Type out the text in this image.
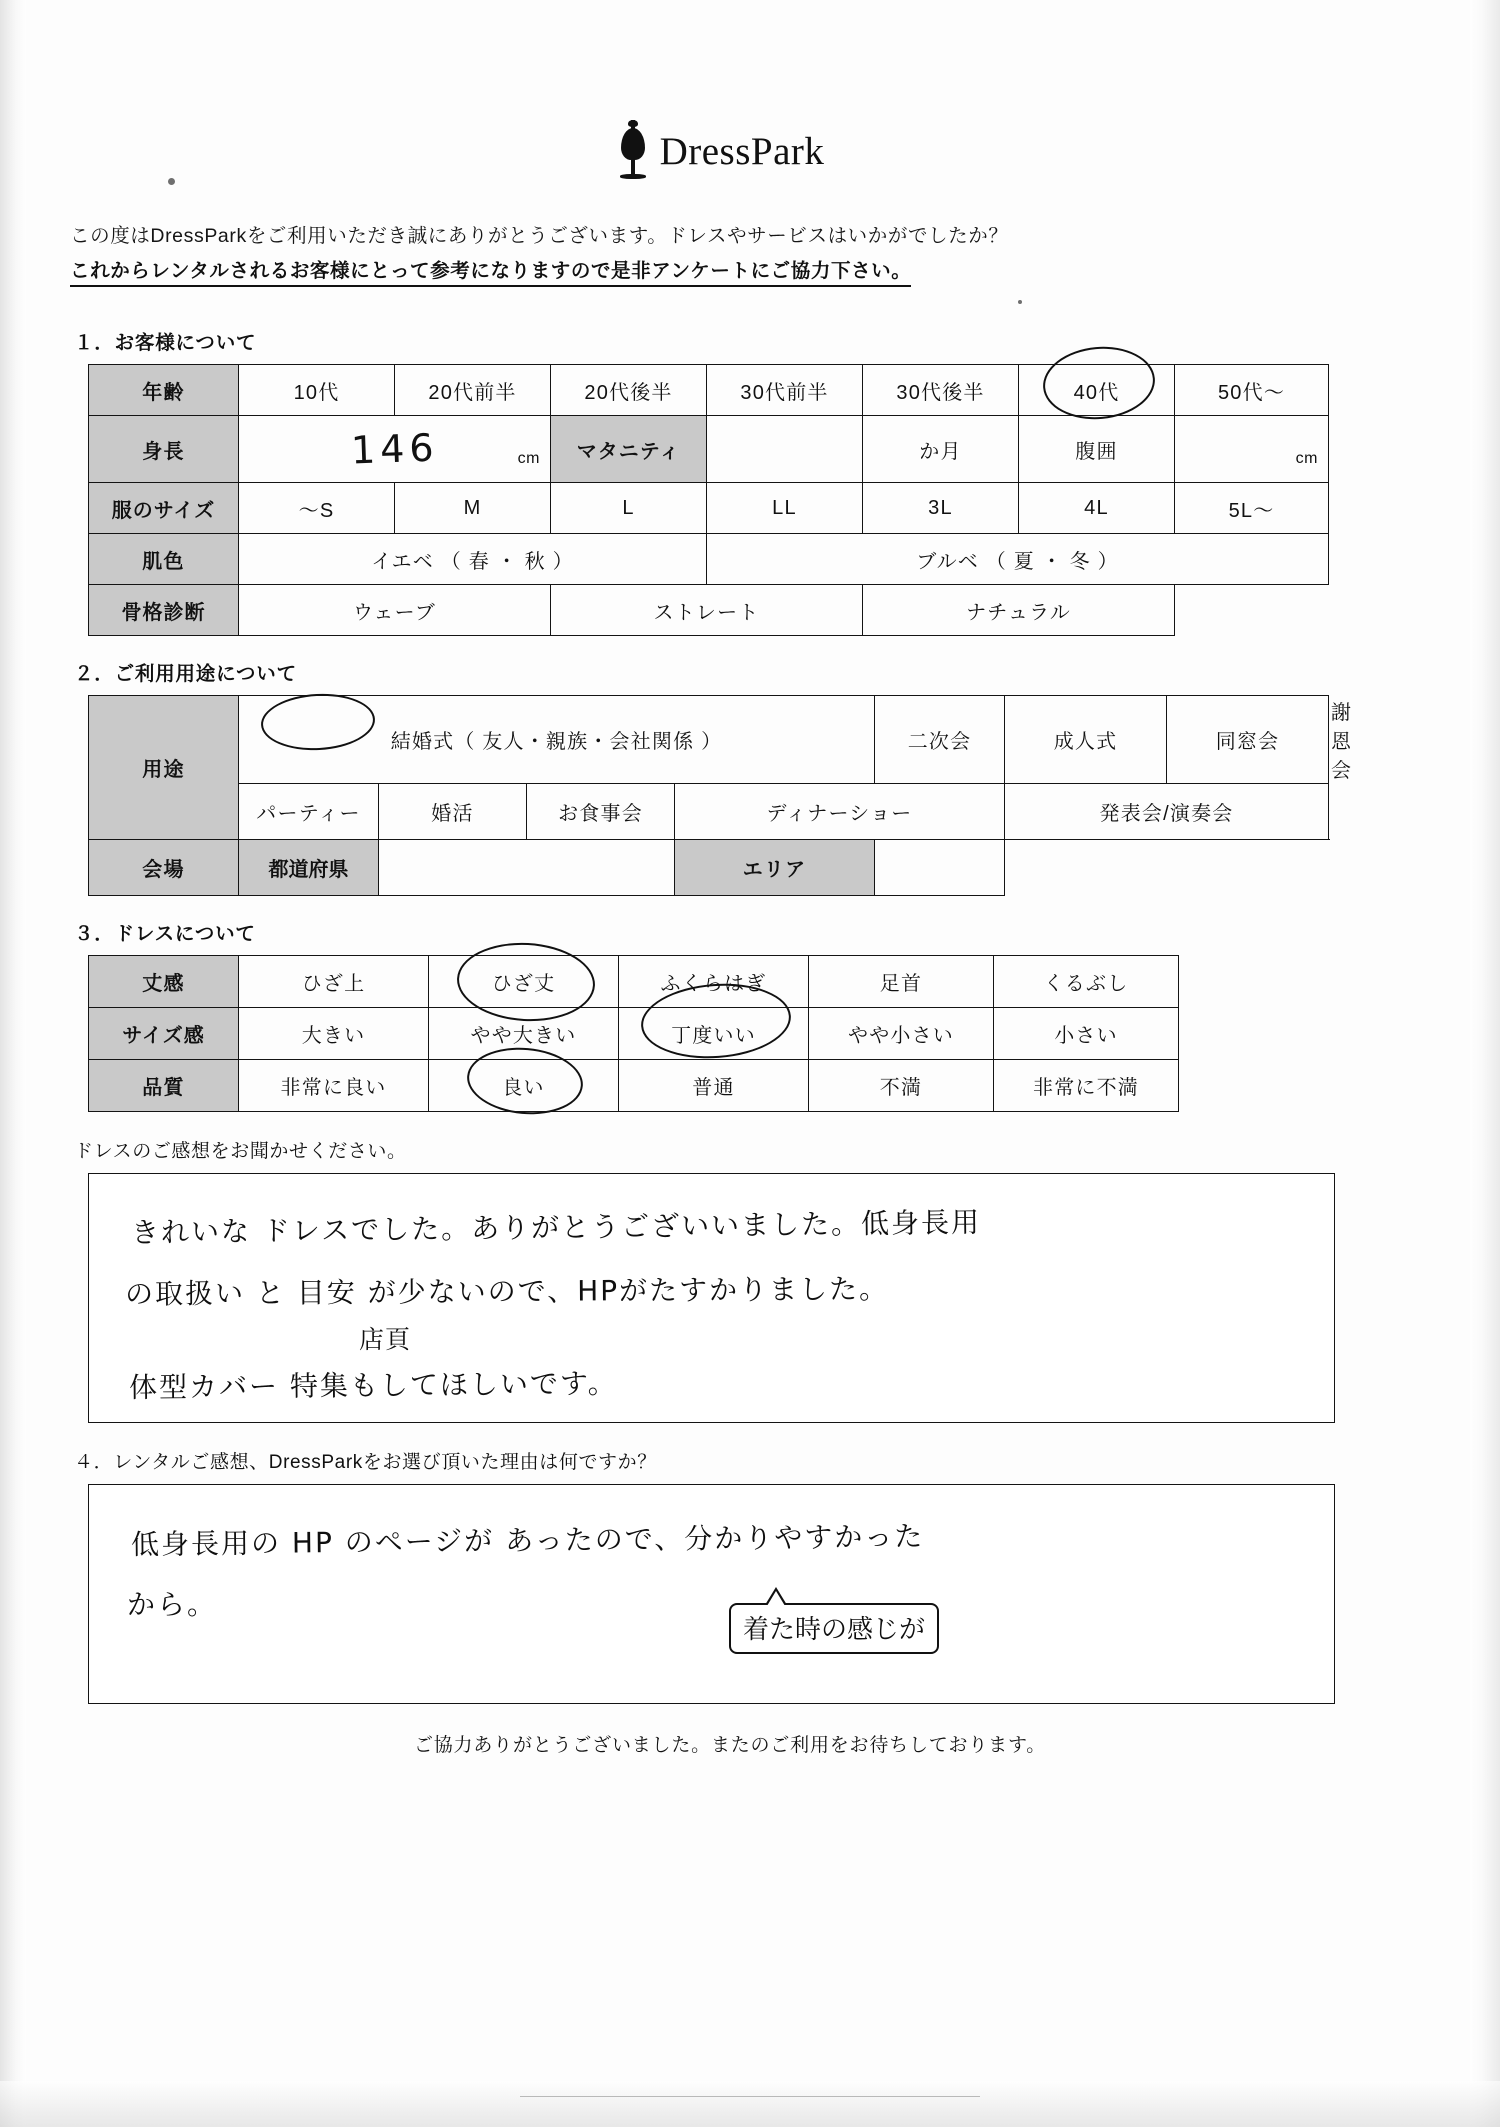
DressPark
この度はDressParkをご利用いただき誠にありがとうございます。ドレスやサービスはいかがでしたか？
これからレンタルされるお客様にとって参考になりますので是非アンケートにご協力下さい。
１．お客様について
年齢	10代	20代前半	20代後半	30代前半	30代後半	40代	50代〜
身長	146 cm		マタニティ		か月	腹囲	cm

服のサイズ	〜S	M	L	LL	3L	4L	5L〜
肌色	イエベ （ 春 ・ 秋 ）			ブルベ （ 夏 ・ 冬 ）			
骨格診断	ウェーブ		ストレート		ナチュラル		
２．ご利用用途について
用途	結婚式（ 友人・親族・会社関係 ）				二次会	成人式	同窓会	謝恩会
	パーティー	婚活	お食事会	ディナーショー		発表会/演奏会		
会場	都道府県			エリア				
３．ドレスについて
丈感	ひざ上	ひざ丈	ふくらはぎ	足首	くるぶし
サイズ感	大きい	やや大きい	丁度いい	やや小さい	小さい
品質	非常に良い	良い	普通	不満	非常に不満
ドレスのご感想をお聞かせください。
きれいな ドレスでした。ありがとうございいました。低身長用
の取扱い と 目安 が少ないので、HPがたすかりました。
店頁
体型カバー 特集もしてほしいです。
４．レンタルご感想、DressParkをお選び頂いた理由は何ですか？
低身長用の HP のページが あったので、分かりやすかった
から。
着た時の感じが
ご協力ありがとうございました。またのご利用をお待ちしております。
